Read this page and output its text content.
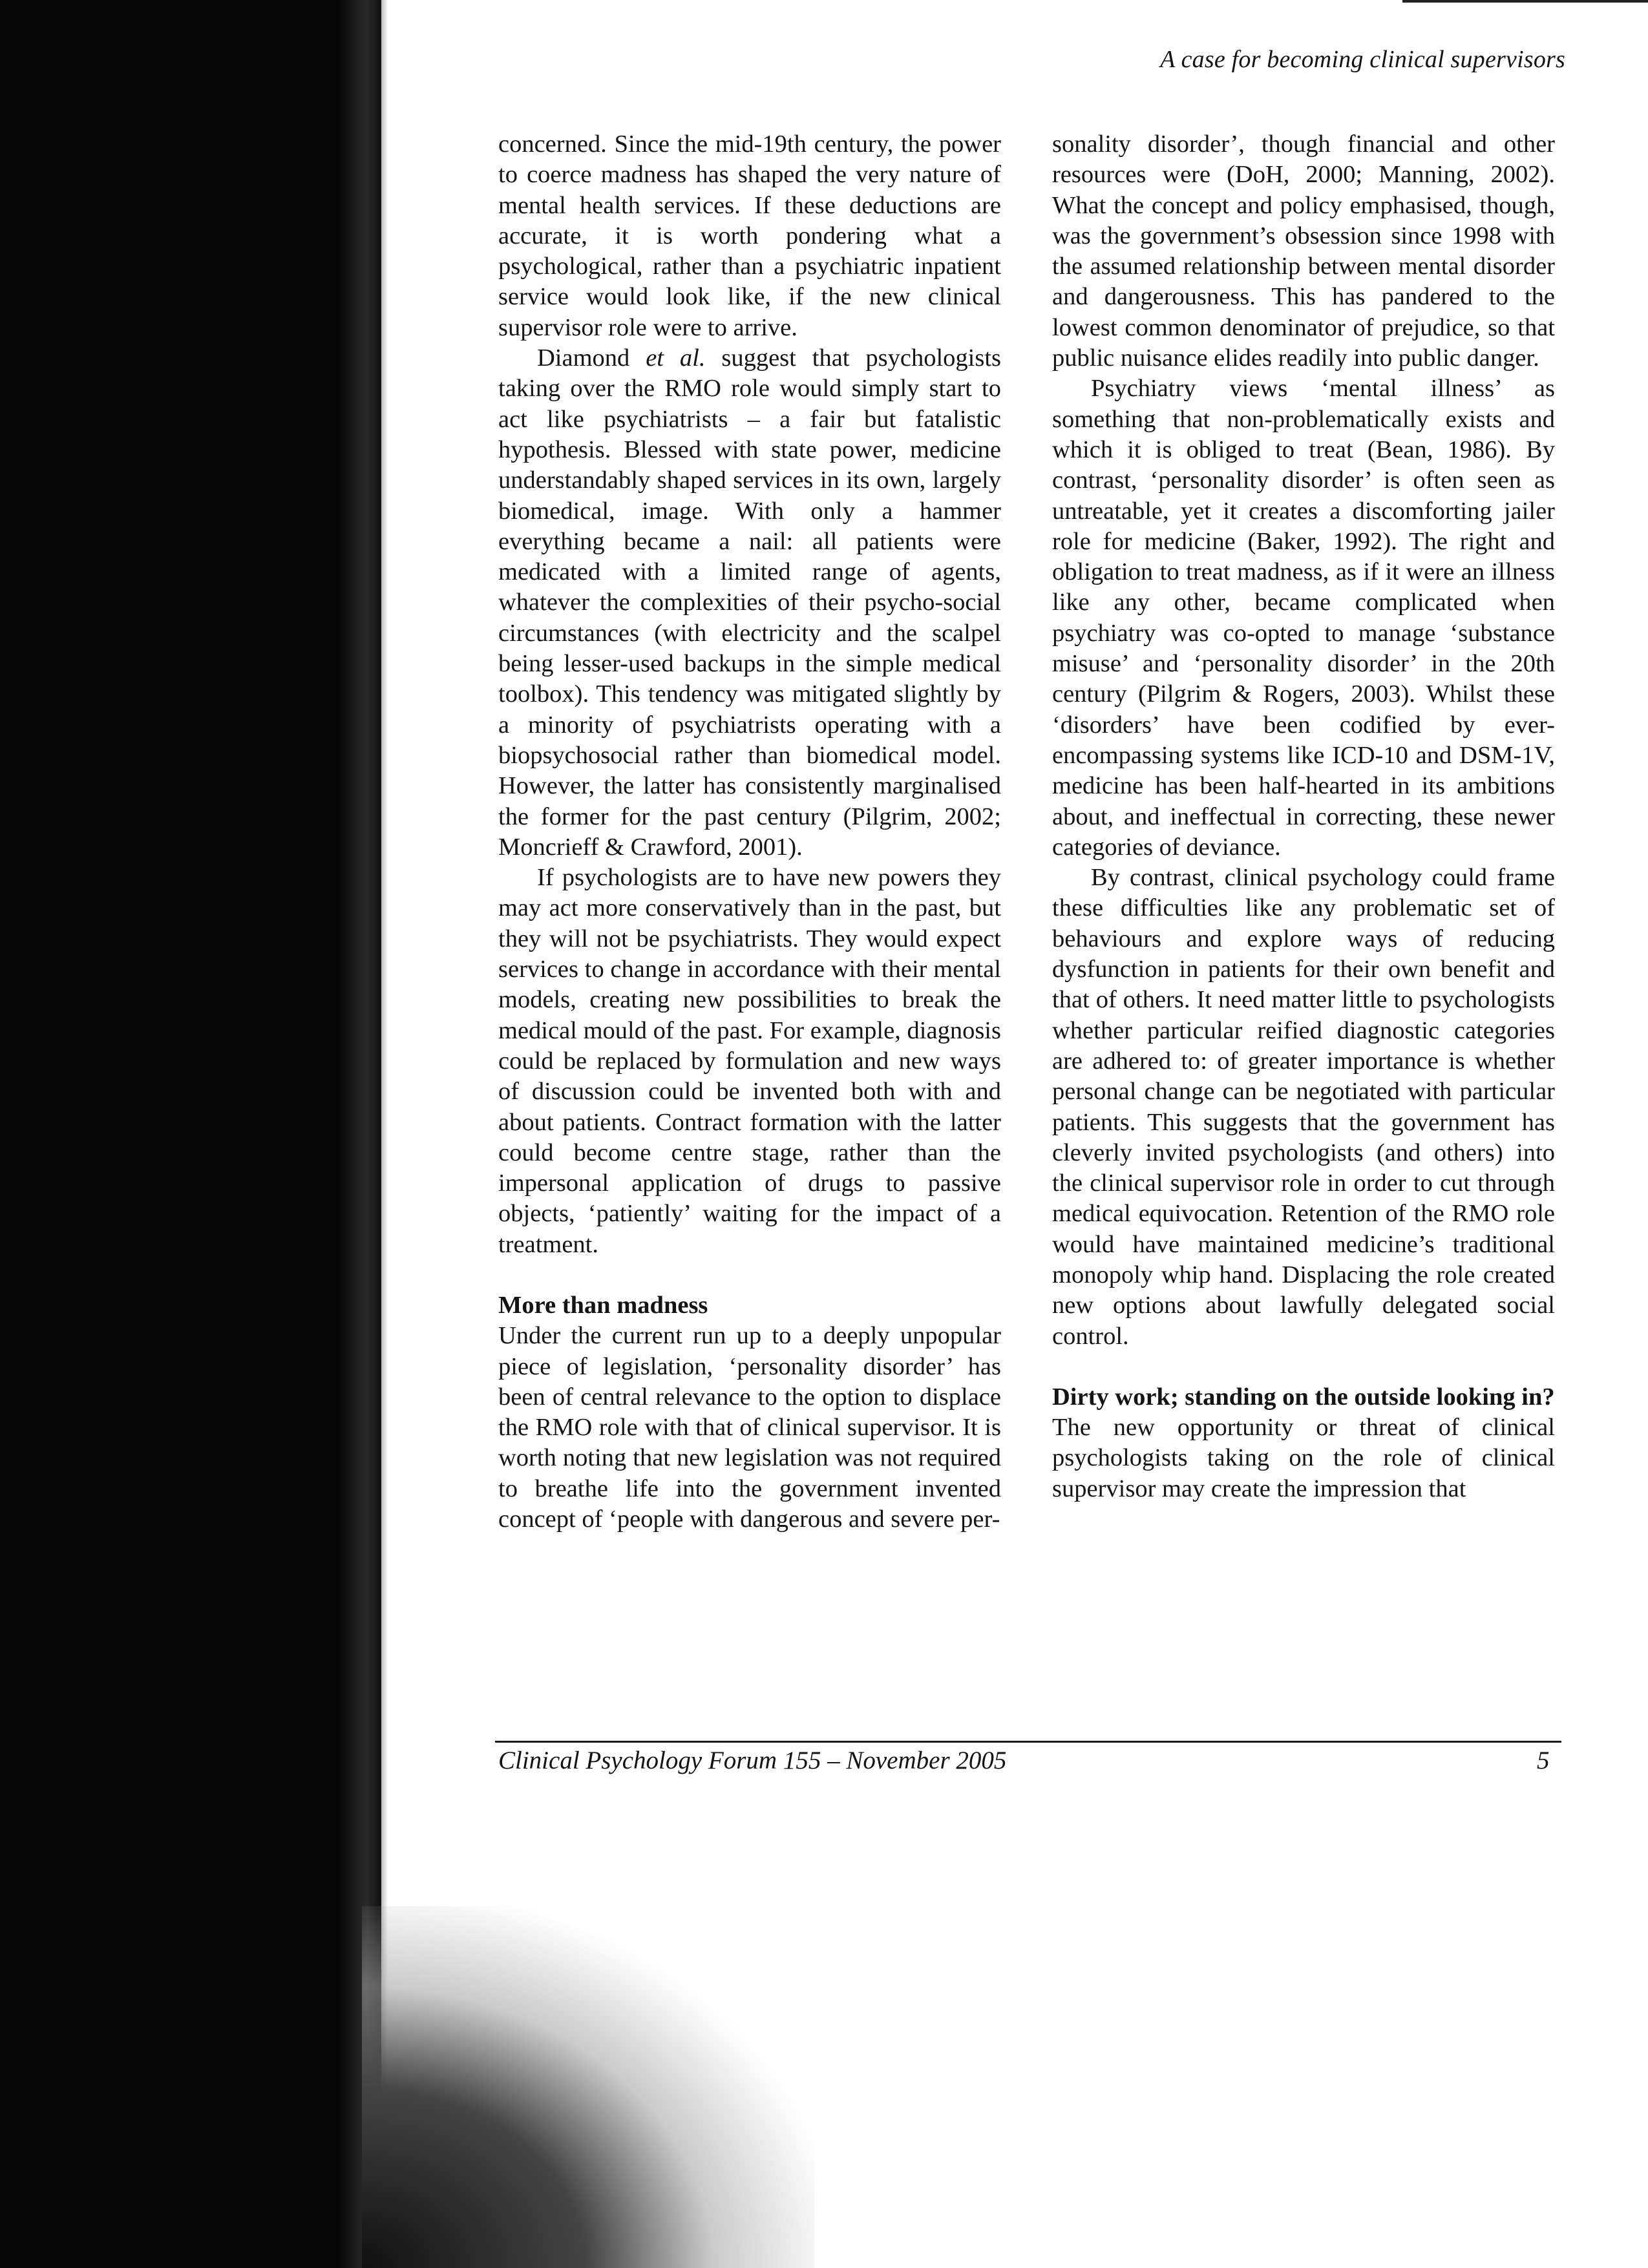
A case for becoming clinical supervisors

concerned. Since the mid-19th century, the power to coerce madness has shaped the very nature of mental health services. If these deductions are accurate, it is worth pondering what a psychological, rather than a psychiatric inpatient service would look like, if the new clinical supervisor role were to arrive.

Diamond et al. suggest that psychologists taking over the RMO role would simply start to act like psychiatrists – a fair but fatalistic hypothesis. Blessed with state power, medicine understandably shaped services in its own, largely biomedical, image. With only a hammer everything became a nail: all patients were medicated with a limited range of agents, whatever the complexities of their psycho-social circumstances (with electricity and the scalpel being lesser-used backups in the simple medical toolbox). This tendency was mitigated slightly by a minority of psychiatrists operating with a biopsychosocial rather than biomedical model. However, the latter has consistently marginalised the former for the past century (Pilgrim, 2002; Moncrieff & Crawford, 2001).

If psychologists are to have new powers they may act more conservatively than in the past, but they will not be psychiatrists. They would expect services to change in accordance with their mental models, creating new possibilities to break the medical mould of the past. For example, diagnosis could be replaced by formulation and new ways of discussion could be invented both with and about patients. Contract formation with the latter could become centre stage, rather than the impersonal application of drugs to passive objects, ‘patiently’ waiting for the impact of a treatment.

More than madness

Under the current run up to a deeply unpopular piece of legislation, ‘personality disorder’ has been of central relevance to the option to displace the RMO role with that of clinical supervisor. It is worth noting that new legislation was not required to breathe life into the government invented concept of ‘people with dangerous and severe per-

sonality disorder’, though financial and other resources were (DoH, 2000; Manning, 2002). What the concept and policy emphasised, though, was the government’s obsession since 1998 with the assumed relationship between mental disorder and dangerousness. This has pandered to the lowest common denominator of prejudice, so that public nuisance elides readily into public danger.

Psychiatry views ‘mental illness’ as something that non-problematically exists and which it is obliged to treat (Bean, 1986). By contrast, ‘personality disorder’ is often seen as untreatable, yet it creates a discomforting jailer role for medicine (Baker, 1992). The right and obligation to treat madness, as if it were an illness like any other, became complicated when psychiatry was co-opted to manage ‘substance misuse’ and ‘personality disorder’ in the 20th century (Pilgrim & Rogers, 2003). Whilst these ‘disorders’ have been codified by ever-encompassing systems like ICD-10 and DSM-1V, medicine has been half-hearted in its ambitions about, and ineffectual in correcting, these newer categories of deviance.

By contrast, clinical psychology could frame these difficulties like any problematic set of behaviours and explore ways of reducing dysfunction in patients for their own benefit and that of others. It need matter little to psychologists whether particular reified diagnostic categories are adhered to: of greater importance is whether personal change can be negotiated with particular patients. This suggests that the government has cleverly invited psychologists (and others) into the clinical supervisor role in order to cut through medical equivocation. Retention of the RMO role would have maintained medicine’s traditional monopoly whip hand. Displacing the role created new options about lawfully delegated social control.

Dirty work; standing on the outside looking in?

The new opportunity or threat of clinical psychologists taking on the role of clinical supervisor may create the impression that

Clinical Psychology Forum 155 – November 2005	5
